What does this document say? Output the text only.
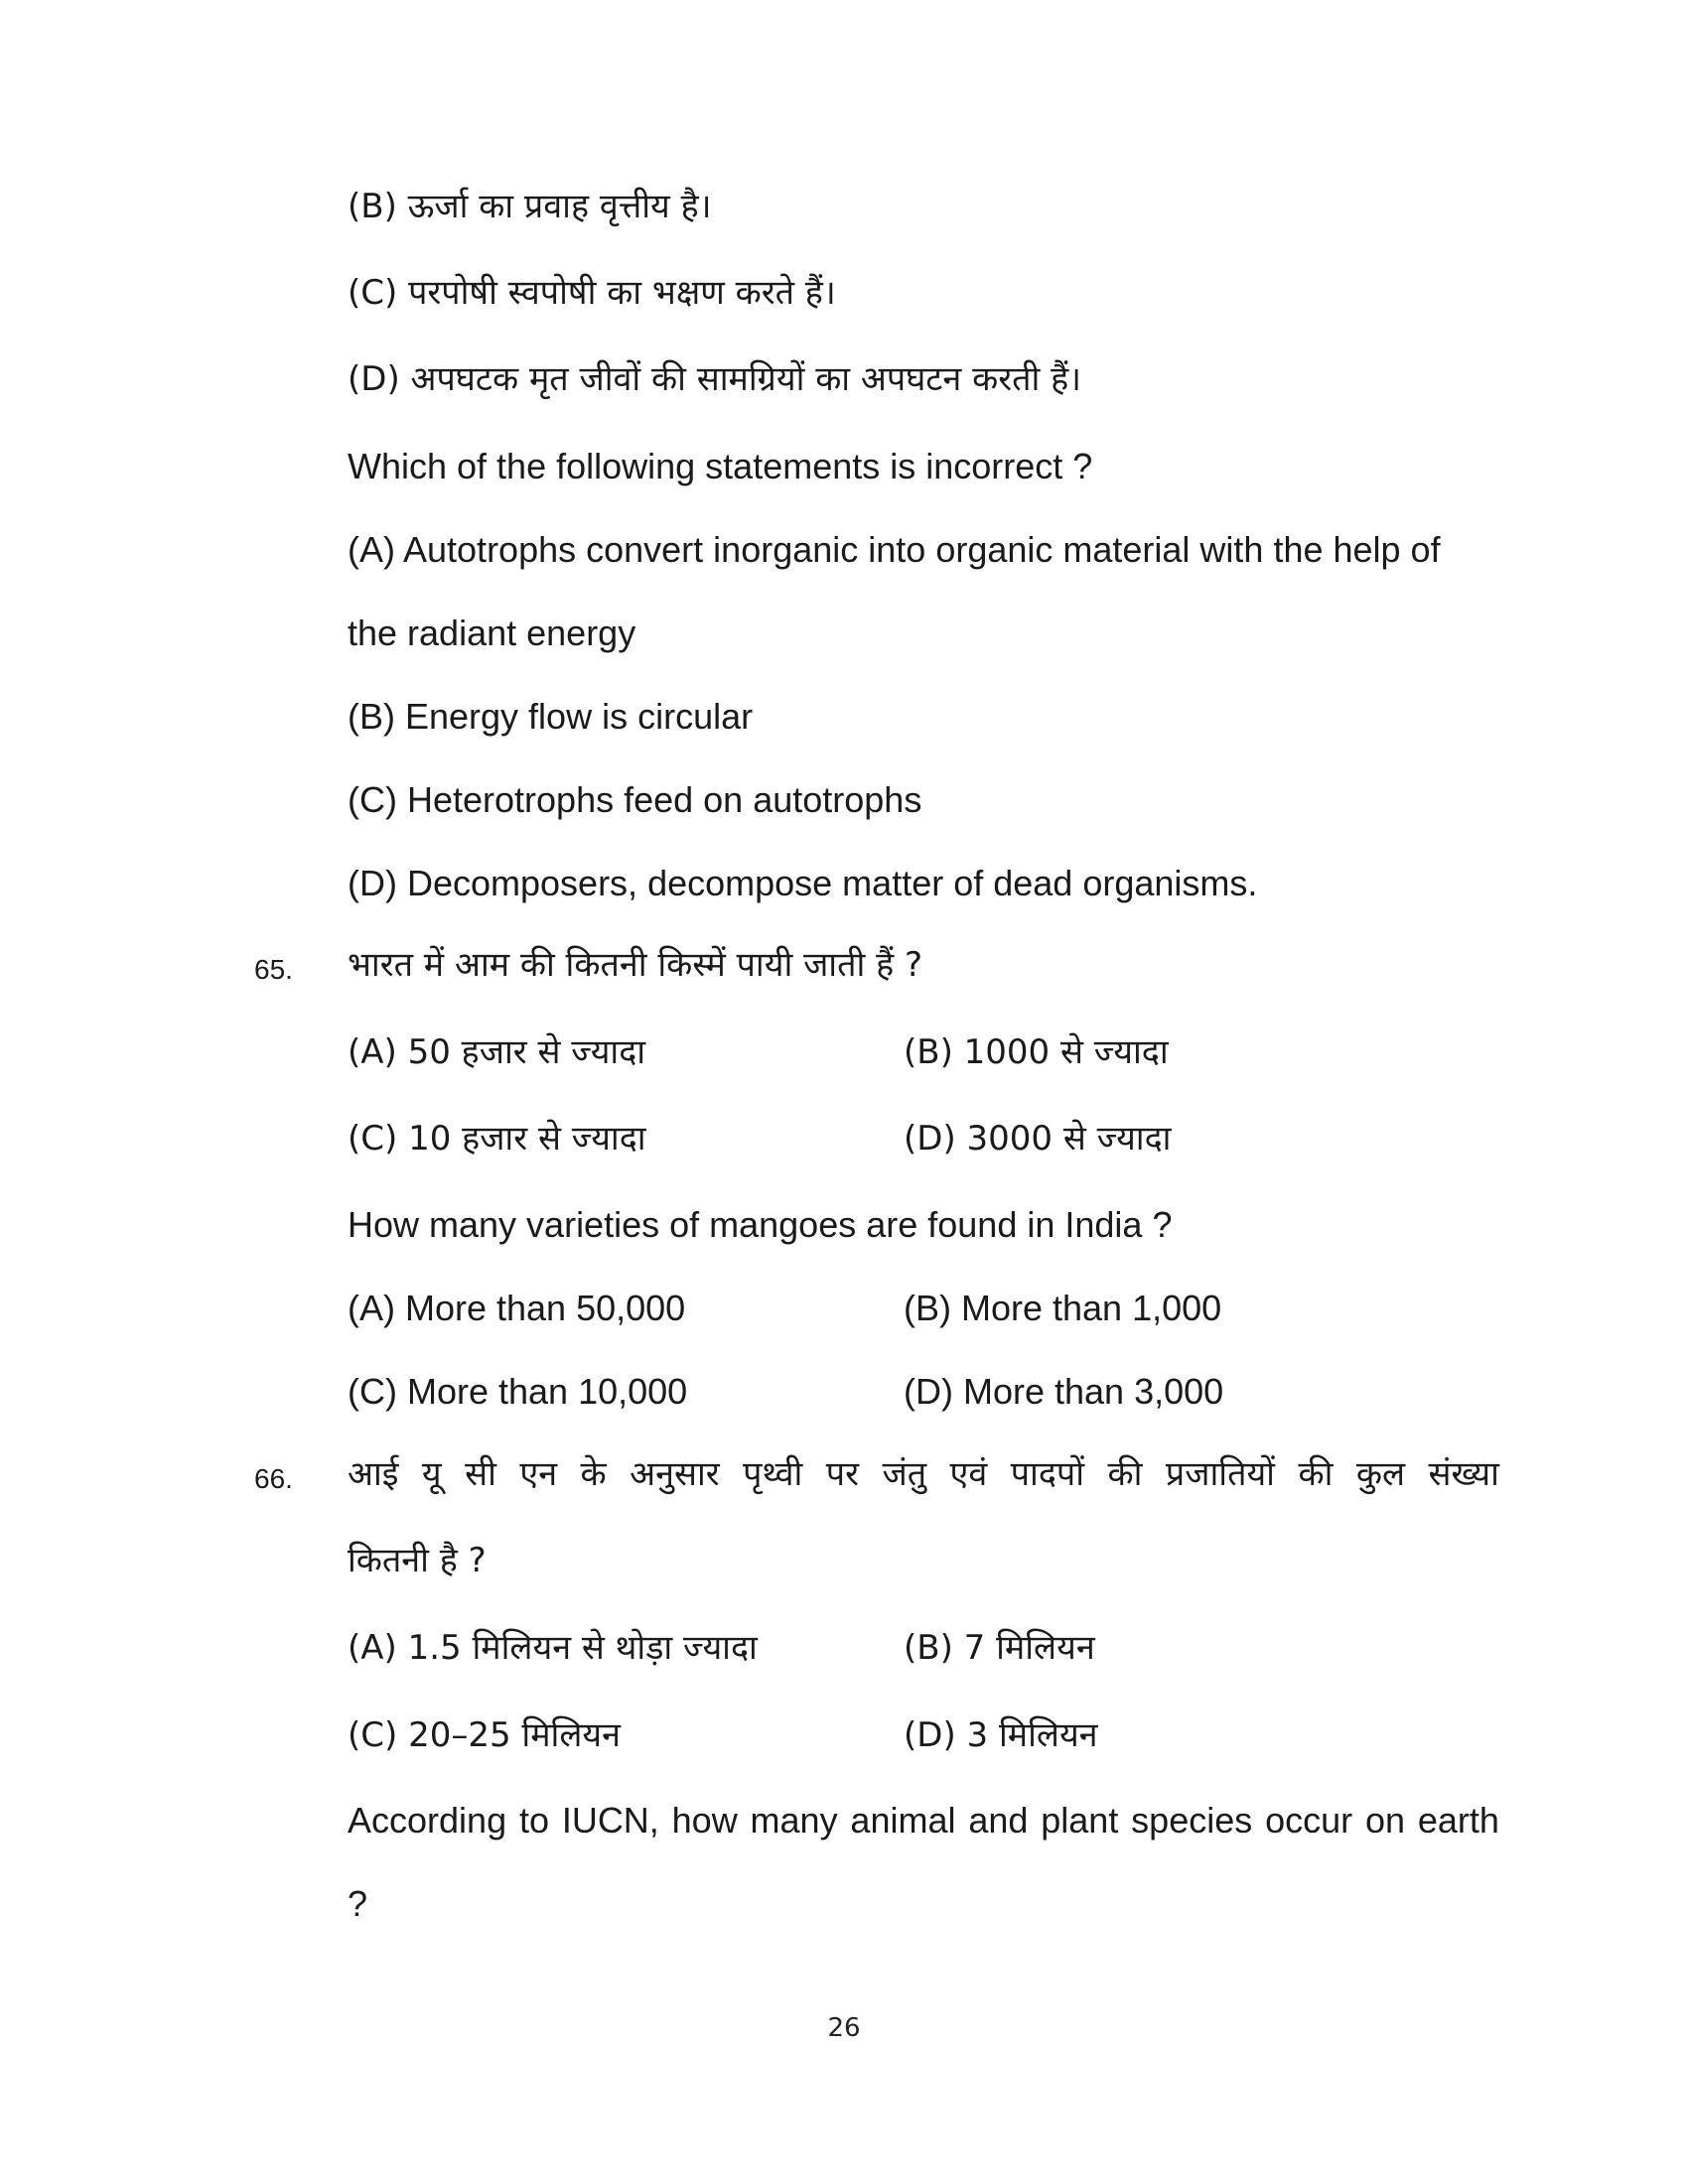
(B) ऊर्जा का प्रवाह वृत्तीय है।
(C) परपोषी स्वपोषी का भक्षण करते हैं।
(D) अपघटक मृत जीवों की सामग्रियों का अपघटन करती हैं।
Which of the following statements is incorrect ?
(A) Autotrophs convert inorganic into organic material with the help of
the radiant energy
(B) Energy flow is circular
(C) Heterotrophs feed on autotrophs
(D) Decomposers, decompose matter of dead organisms.
65. भारत में आम की कितनी किस्में पायी जाती हैं ?
(A) 50 हजार से ज्यादा	(B) 1000 से ज्यादा
(C) 10 हजार से ज्यादा	(D) 3000 से ज्यादा
How many varieties of mangoes are found in India ?
(A) More than 50,000	(B) More than 1,000
(C) More than 10,000	(D) More than 3,000
66. आई यू सी एन के अनुसार पृथ्वी पर जंतु एवं पादपों की प्रजातियों की कुल संख्या
कितनी है ?
(A) 1.5 मिलियन से थोड़ा ज्यादा	(B) 7 मिलियन
(C) 20–25 मिलियन	(D) 3 मिलियन
According to IUCN, how many animal and plant species occur on earth
?
26
